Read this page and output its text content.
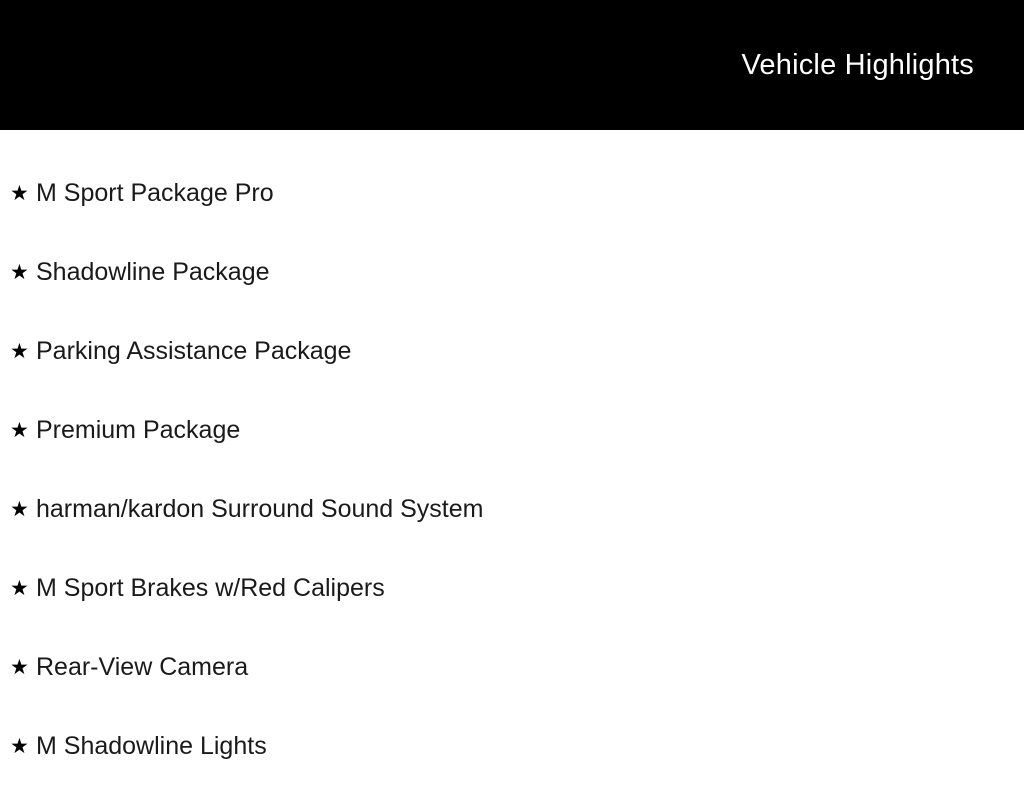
Vehicle Highlights
★ M Sport Package Pro
★ Shadowline Package
★ Parking Assistance Package
★ Premium Package
★ harman/kardon Surround Sound System
★ M Sport Brakes w/Red Calipers
★ Rear-View Camera
★ M Shadowline Lights
